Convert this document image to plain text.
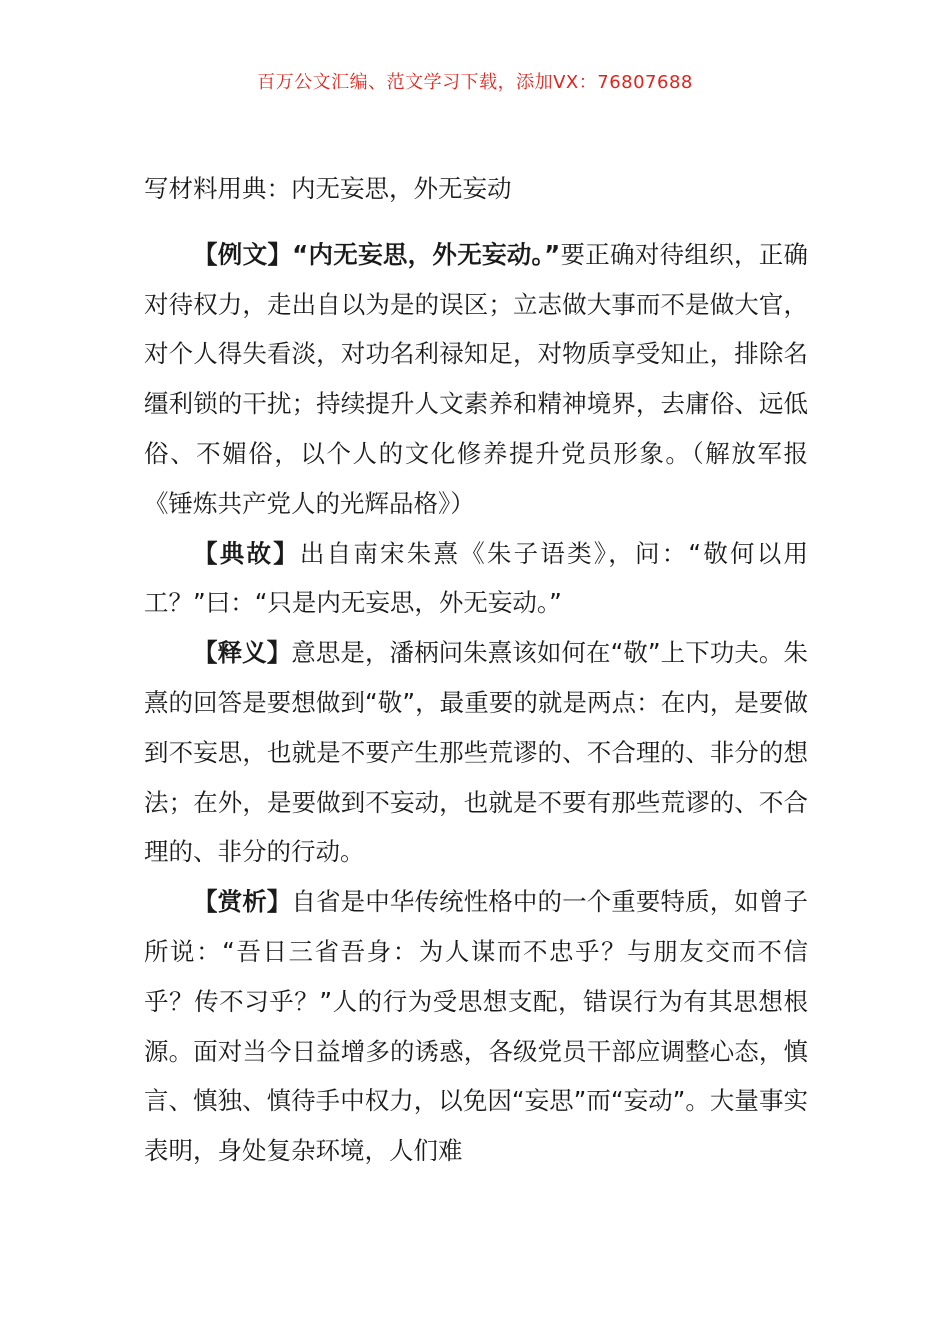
百万公文汇编、范文学习下载，添加VX：76807688
写材料用典：内无妄思，外无妄动

【例文】“内无妄思，外无妄动。”要正确对待组织，正确对待权力，走出自以为是的误区；立志做大事而不是做大官，对个人得失看淡，对功名利禄知足，对物质享受知止，排除名缰利锁的干扰；持续提升人文素养和精神境界，去庸俗、远低俗、不媚俗，以个人的文化修养提升党员形象。（解放军报《锤炼共产党人的光辉品格》）

【典故】出自南宋朱熹《朱子语类》，问：“敬何以用工？”曰：“只是内无妄思，外无妄动。”

【释义】意思是，潘柄问朱熹该如何在“敬”上下功夫。朱熹的回答是要想做到“敬”，最重要的就是两点：在内，是要做到不妄思，也就是不要产生那些荒谬的、不合理的、非分的想法；在外，是要做到不妄动，也就是不要有那些荒谬的、不合理的、非分的行动。

【赏析】自省是中华传统性格中的一个重要特质，如曾子所说：“吾日三省吾身：为人谋而不忠乎？与朋友交而不信乎？传不习乎？”人的行为受思想支配，错误行为有其思想根源。面对当今日益增多的诱惑，各级党员干部应调整心态，慎言、慎独、慎待手中权力，以免因“妄思”而“妄动”。大量事实表明，身处复杂环境，人们难
